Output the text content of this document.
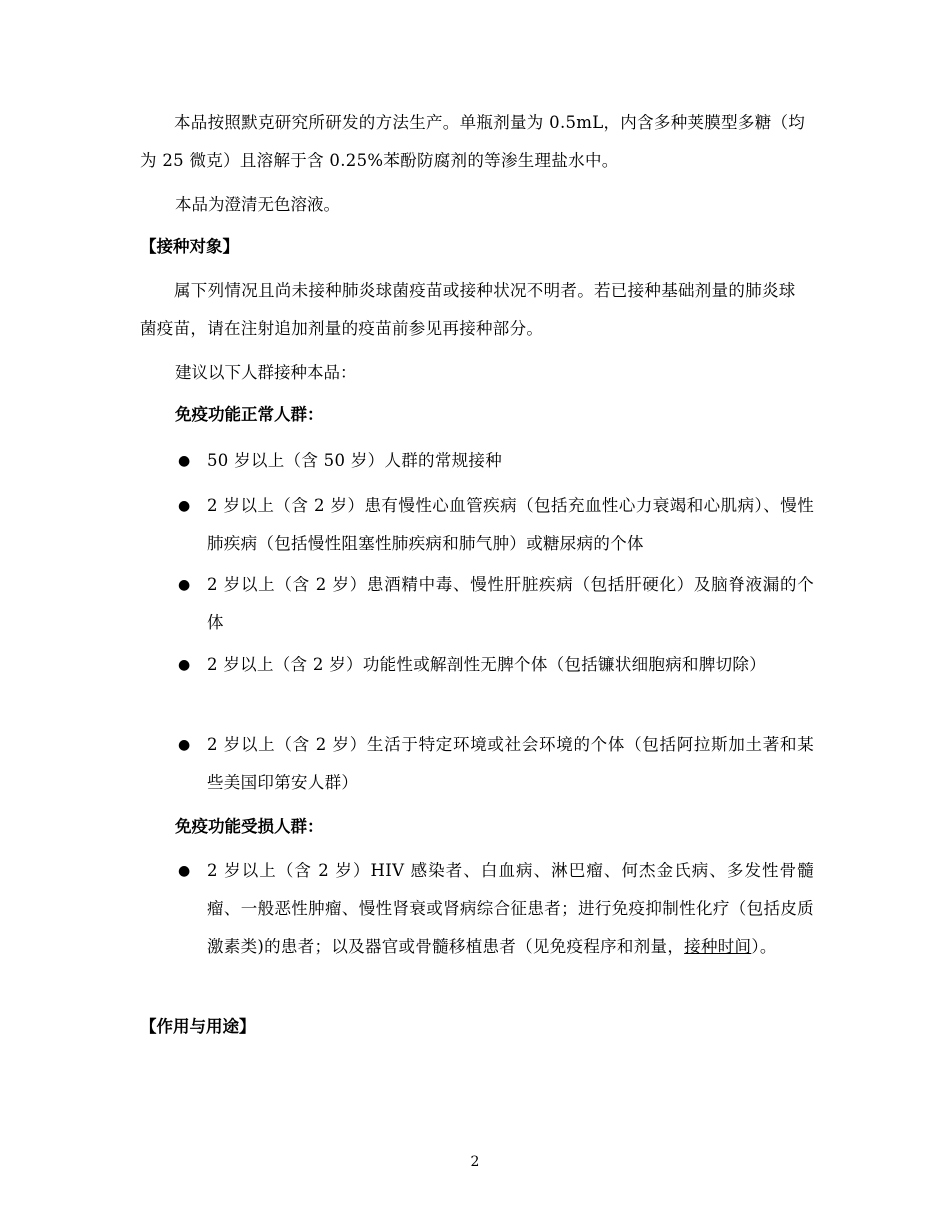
本品按照默克研究所研发的方法生产。单瓶剂量为 0.5mL，内含多种荚膜型多糖（均为 25 微克）且溶解于含 0.25%苯酚防腐剂的等渗生理盐水中。

本品为澄清无色溶液。

【接种对象】

属下列情况且尚未接种肺炎球菌疫苗或接种状况不明者。若已接种基础剂量的肺炎球菌疫苗，请在注射追加剂量的疫苗前参见再接种部分。

建议以下人群接种本品：

免疫功能正常人群：

● 50 岁以上（含 50 岁）人群的常规接种
● 2 岁以上（含 2 岁）患有慢性心血管疾病（包括充血性心力衰竭和心肌病）、慢性肺疾病（包括慢性阻塞性肺疾病和肺气肿）或糖尿病的个体
● 2 岁以上（含 2 岁）患酒精中毒、慢性肝脏疾病（包括肝硬化）及脑脊液漏的个体
● 2 岁以上（含 2 岁）功能性或解剖性无脾个体（包括镰状细胞病和脾切除）
● 2 岁以上（含 2 岁）生活于特定环境或社会环境的个体（包括阿拉斯加土著和某些美国印第安人群）

免疫功能受损人群：

● 2 岁以上（含 2 岁）HIV 感染者、白血病、淋巴瘤、何杰金氏病、多发性骨髓瘤、一般恶性肿瘤、慢性肾衰或肾病综合征患者；进行免疫抑制性化疗（包括皮质激素类)的患者；以及器官或骨髓移植患者（见免疫程序和剂量，接种时间）。

【作用与用途】

2
